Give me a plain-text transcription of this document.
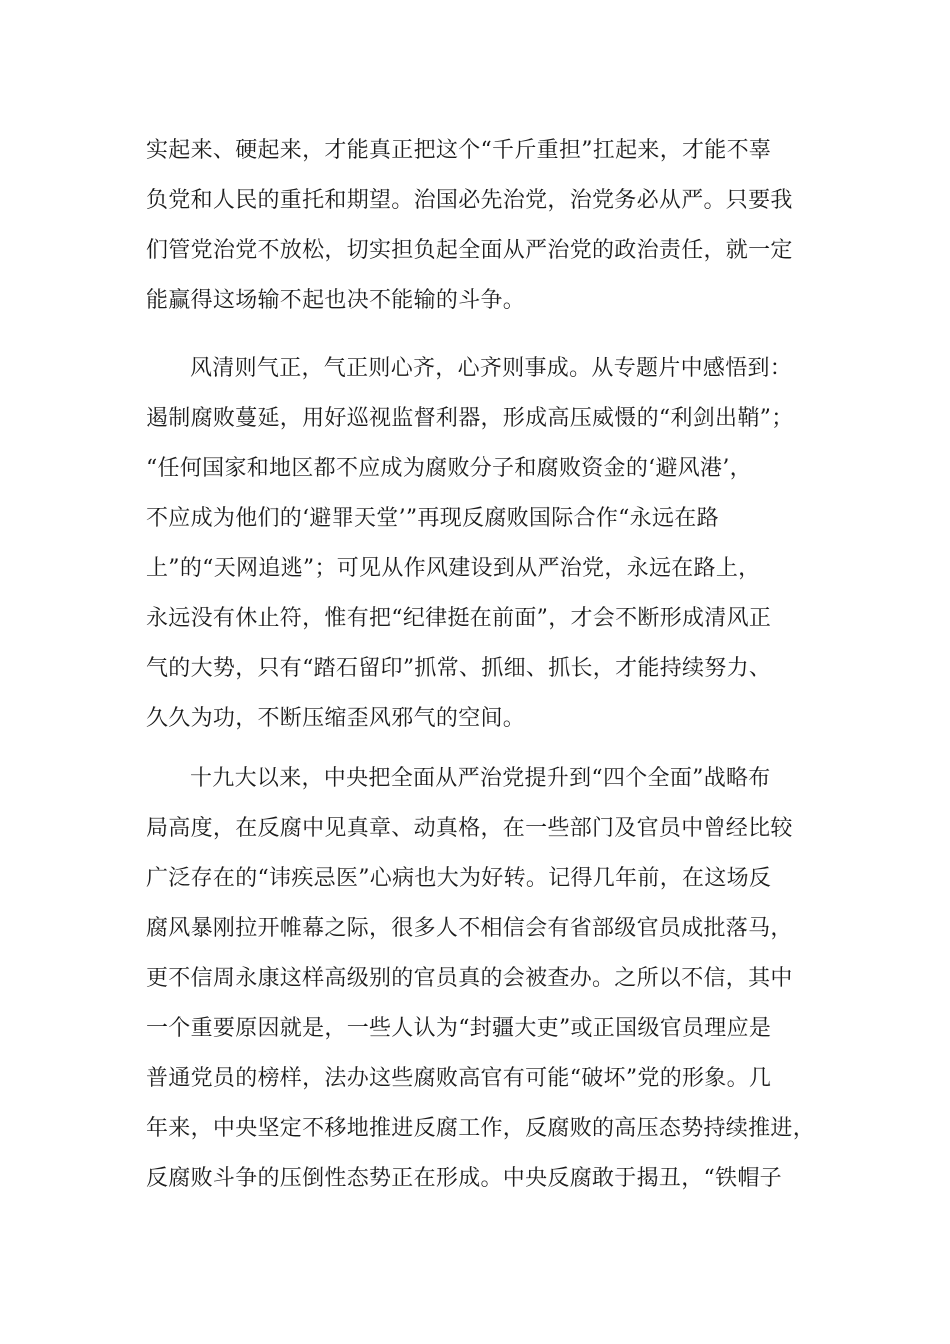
实起来、硬起来，才能真正把这个“千斤重担”扛起来，才能不辜
负党和人民的重托和期望。治国必先治党，治党务必从严。只要我
们管党治党不放松，切实担负起全面从严治党的政治责任，就一定
能赢得这场输不起也决不能输的斗争。
风清则气正，气正则心齐，心齐则事成。从专题片中感悟到：
遏制腐败蔓延，用好巡视监督利器，形成高压威慑的“利剑出鞘”；
“任何国家和地区都不应成为腐败分子和腐败资金的‘避风港’，
不应成为他们的‘避罪天堂’”再现反腐败国际合作“永远在路
上”的“天网追逃”；可见从作风建设到从严治党，永远在路上，
永远没有休止符，惟有把“纪律挺在前面”，才会不断形成清风正
气的大势，只有“踏石留印”抓常、抓细、抓长，才能持续努力、
久久为功，不断压缩歪风邪气的空间。
十九大以来，中央把全面从严治党提升到“四个全面”战略布
局高度，在反腐中见真章、动真格，在一些部门及官员中曾经比较
广泛存在的“讳疾忌医”心病也大为好转。记得几年前，在这场反
腐风暴刚拉开帷幕之际，很多人不相信会有省部级官员成批落马，
更不信周永康这样高级别的官员真的会被查办。之所以不信，其中
一个重要原因就是，一些人认为“封疆大吏”或正国级官员理应是
普通党员的榜样，法办这些腐败高官有可能“破坏”党的形象。几
年来，中央坚定不移地推进反腐工作，反腐败的高压态势持续推进，
反腐败斗争的压倒性态势正在形成。中央反腐敢于揭丑，“铁帽子
